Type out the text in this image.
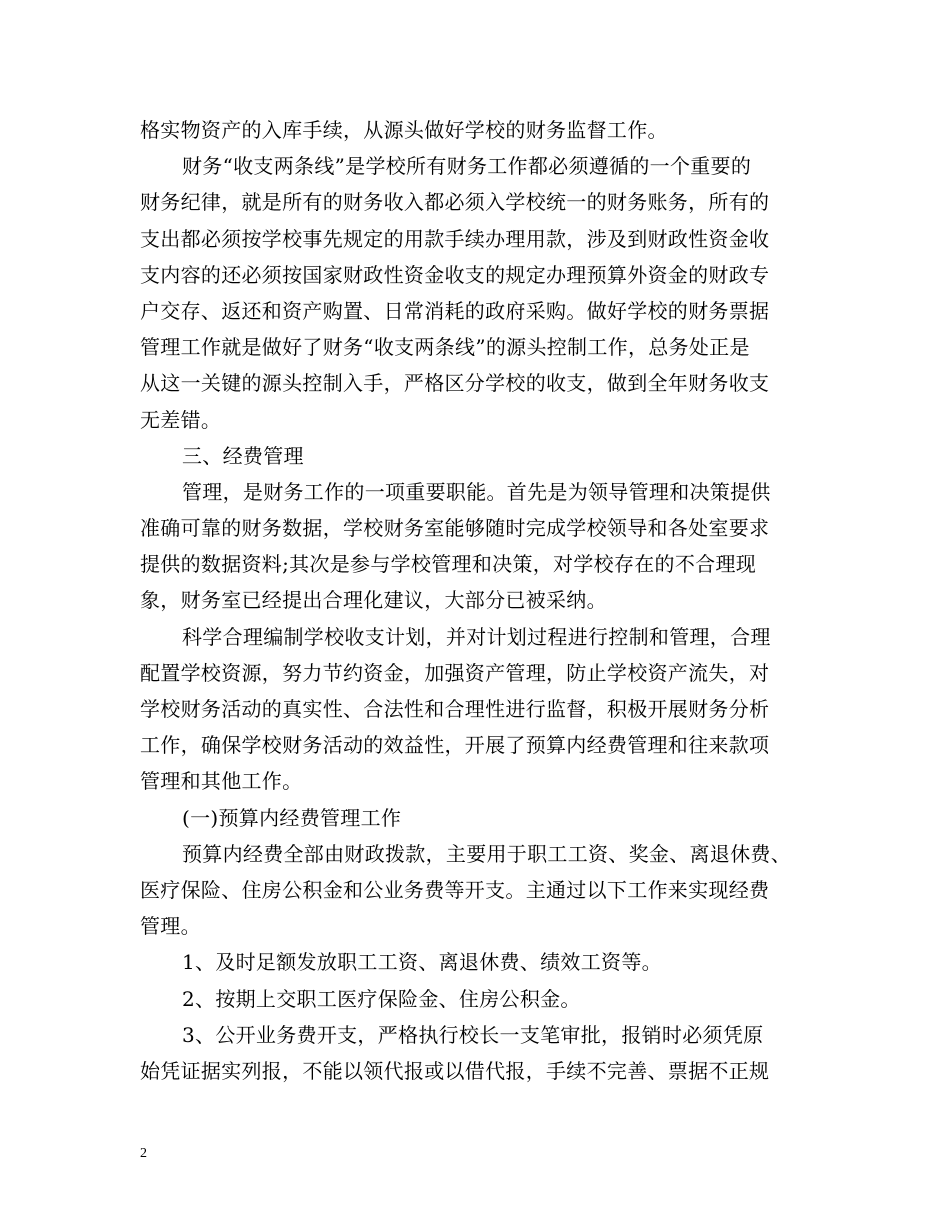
格实物资产的入库手续，从源头做好学校的财务监督工作。
财务“收支两条线”是学校所有财务工作都必须遵循的一个重要的
财务纪律，就是所有的财务收入都必须入学校统一的财务账务，所有的
支出都必须按学校事先规定的用款手续办理用款，涉及到财政性资金收
支内容的还必须按国家财政性资金收支的规定办理预算外资金的财政专
户交存、返还和资产购置、日常消耗的政府采购。做好学校的财务票据
管理工作就是做好了财务“收支两条线”的源头控制工作，总务处正是
从这一关键的源头控制入手，严格区分学校的收支，做到全年财务收支
无差错。
三、经费管理
管理，是财务工作的一项重要职能。首先是为领导管理和决策提供
准确可靠的财务数据，学校财务室能够随时完成学校领导和各处室要求
提供的数据资料;其次是参与学校管理和决策，对学校存在的不合理现
象，财务室已经提出合理化建议，大部分已被采纳。
科学合理编制学校收支计划，并对计划过程进行控制和管理，合理
配置学校资源，努力节约资金，加强资产管理，防止学校资产流失，对
学校财务活动的真实性、合法性和合理性进行监督，积极开展财务分析
工作，确保学校财务活动的效益性，开展了预算内经费管理和往来款项
管理和其他工作。
(一)预算内经费管理工作
预算内经费全部由财政拨款，主要用于职工工资、奖金、离退休费、
医疗保险、住房公积金和公业务费等开支。主通过以下工作来实现经费
管理。
1、及时足额发放职工工资、离退休费、绩效工资等。
2、按期上交职工医疗保险金、住房公积金。
3、公开业务费开支，严格执行校长一支笔审批，报销时必须凭原
始凭证据实列报，不能以领代报或以借代报，手续不完善、票据不正规
2
